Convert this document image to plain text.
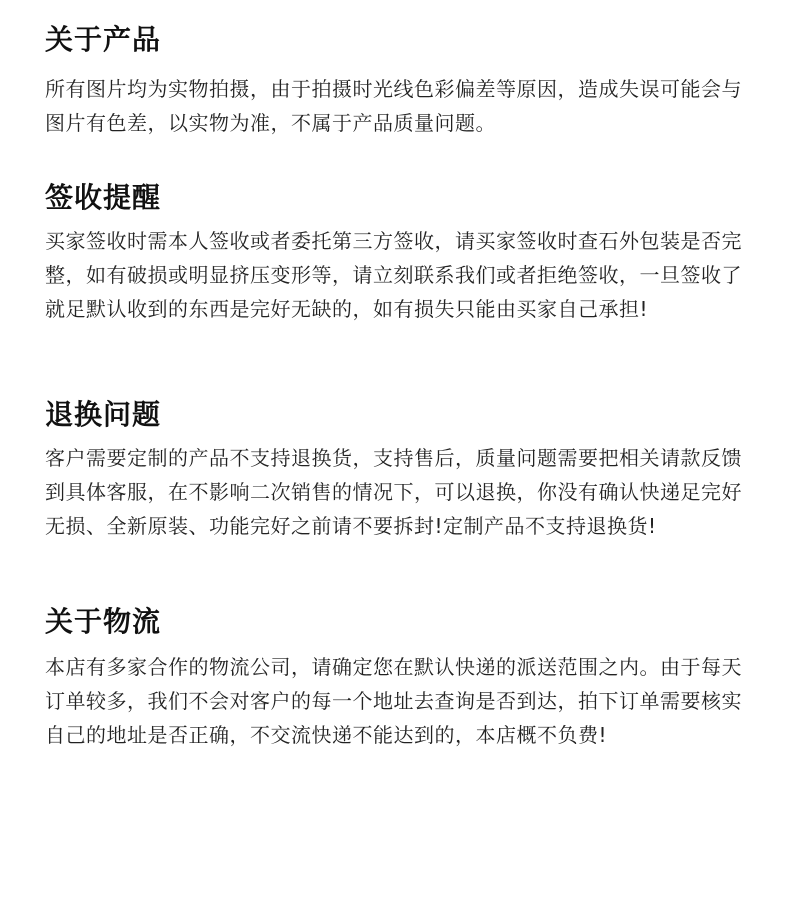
关于产品

所有图片均为实物拍摄，由于拍摄时光线色彩偏差等原因，造成失误可能会与图片有色差，以实物为准，不属于产品质量问题。

签收提醒

买家签收时需本人签收或者委托第三方签收，请买家签收时查石外包装是否完整，如有破损或明显挤压变形等，请立刻联系我们或者拒绝签收，一旦签收了就足默认收到的东西是完好无缺的，如有损失只能由买家自己承担!

退换问题

客户需要定制的产品不支持退换货，支持售后，质量问题需要把相关请款反馈到具体客服，在不影响二次销售的情况下，可以退换，你没有确认快递足完好无损、全新原装、功能完好之前请不要拆封!定制产品不支持退换货!

关于物流

本店有多家合作的物流公司，请确定您在默认快递的派送范围之内。由于每天订单较多，我们不会对客户的每一个地址去查询是否到达，拍下订单需要核实自己的地址是否正确，不交流快递不能达到的，本店概不负费!
